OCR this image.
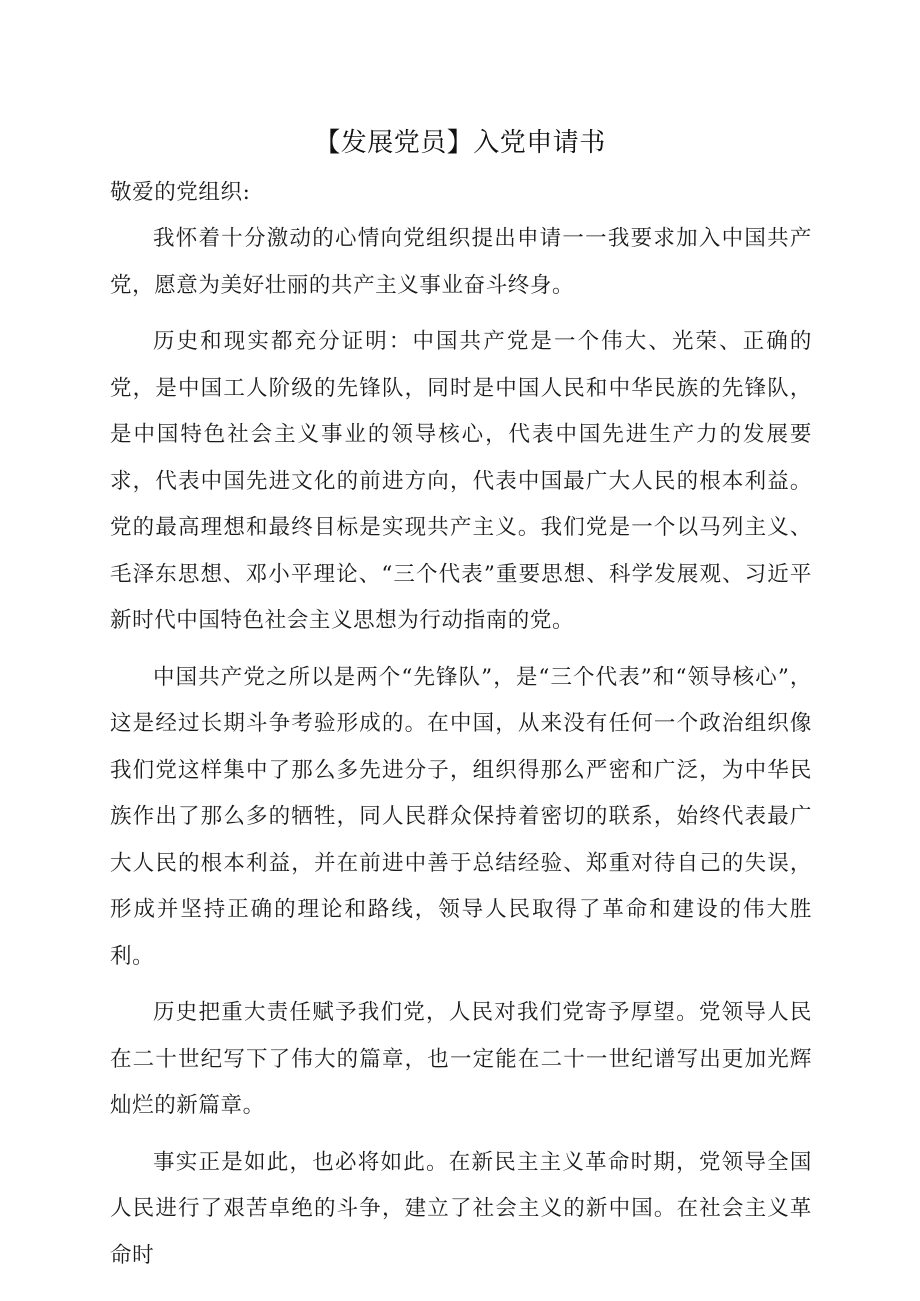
【发展党员】入党申请书

敬爱的党组织:

我怀着十分激动的心情向党组织提出申请一一我要求加入中国共产党，愿意为美好壮丽的共产主义事业奋斗终身。

历史和现实都充分证明：中国共产党是一个伟大、光荣、正确的党，是中国工人阶级的先锋队，同时是中国人民和中华民族的先锋队，是中国特色社会主义事业的领导核心，代表中国先进生产力的发展要求，代表中国先进文化的前进方向，代表中国最广大人民的根本利益。党的最高理想和最终目标是实现共产主义。我们党是一个以马列主义、毛泽东思想、邓小平理论、“三个代表”重要思想、科学发展观、习近平新时代中国特色社会主义思想为行动指南的党。

中国共产党之所以是两个“先锋队”，是“三个代表”和“领导核心”，这是经过长期斗争考验形成的。在中国，从来没有任何一个政治组织像我们党这样集中了那么多先进分子，组织得那么严密和广泛，为中华民族作出了那么多的牺牲，同人民群众保持着密切的联系，始终代表最广大人民的根本利益，并在前进中善于总结经验、郑重对待自己的失误，形成并坚持正确的理论和路线，领导人民取得了革命和建设的伟大胜利。

历史把重大责任赋予我们党，人民对我们党寄予厚望。党领导人民在二十世纪写下了伟大的篇章，也一定能在二十一世纪谱写出更加光辉灿烂的新篇章。

事实正是如此，也必将如此。在新民主主义革命时期，党领导全国人民进行了艰苦卓绝的斗争，建立了社会主义的新中国。在社会主义革命时
